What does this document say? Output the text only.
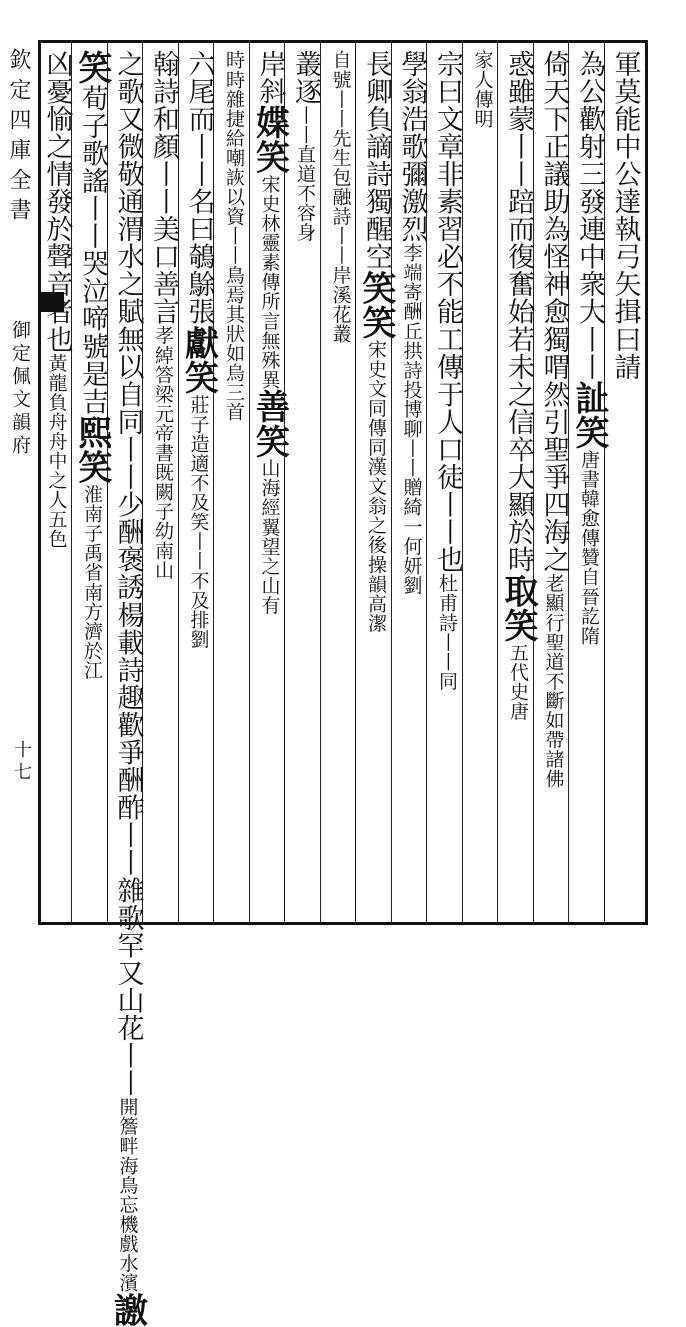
欽定四庫全書
御定佩文韻府
十七
軍莫能中公達執弓矢揖曰請
為公歡射三發連中衆大丨丨訨笑唐書韓愈傳贊自晉訖隋
倚天下正議助為怪神愈獨喟然引聖爭四海之老顯行聖道不斷如帶諸佛
惑雖蒙丨丨踣而復奮始若未之信卒大顯於時取笑五代史唐
家人傳明
宗曰文章非素習必不能工傳于人口徒丨丨也杜甫詩丨丨同
學翁浩歌彌激烈李端寄酬丘拱詩投博聊丨丨贈綺一何妍劉
長卿負謫詩獨醒空笑笑宋史文同傳同漢文翁之後操韻高潔
自號丨丨先生包融詩丨丨岸溪花叢
叢逐丨丨直道不容身
岸斜媟笑宋史林靈素傳所言無殊異善笑山海經翼望之山有
時時雜捷給嘲詼以資丨丨鳥焉其狀如烏三首
六尾而丨丨名曰鵸鵌張獻笑莊子造適不及笑丨丨不及排劉
翰詩和顏丨丨美口善言孝綽答梁元帝書既闕子幼南山
之歌又微敬通渭水之賦無以自同丨丨少酬褒誘楊載詩趣歡爭酬酢丨丨雜歌罕又山花丨丨開簷畔海鳥忘機戲水濱譤
笑荀子歌謠丨丨哭泣啼號是吉熙笑淮南子禹省南方濟於江
凶憂愉之情發於聲音者也黃龍負舟舟中之人五色
